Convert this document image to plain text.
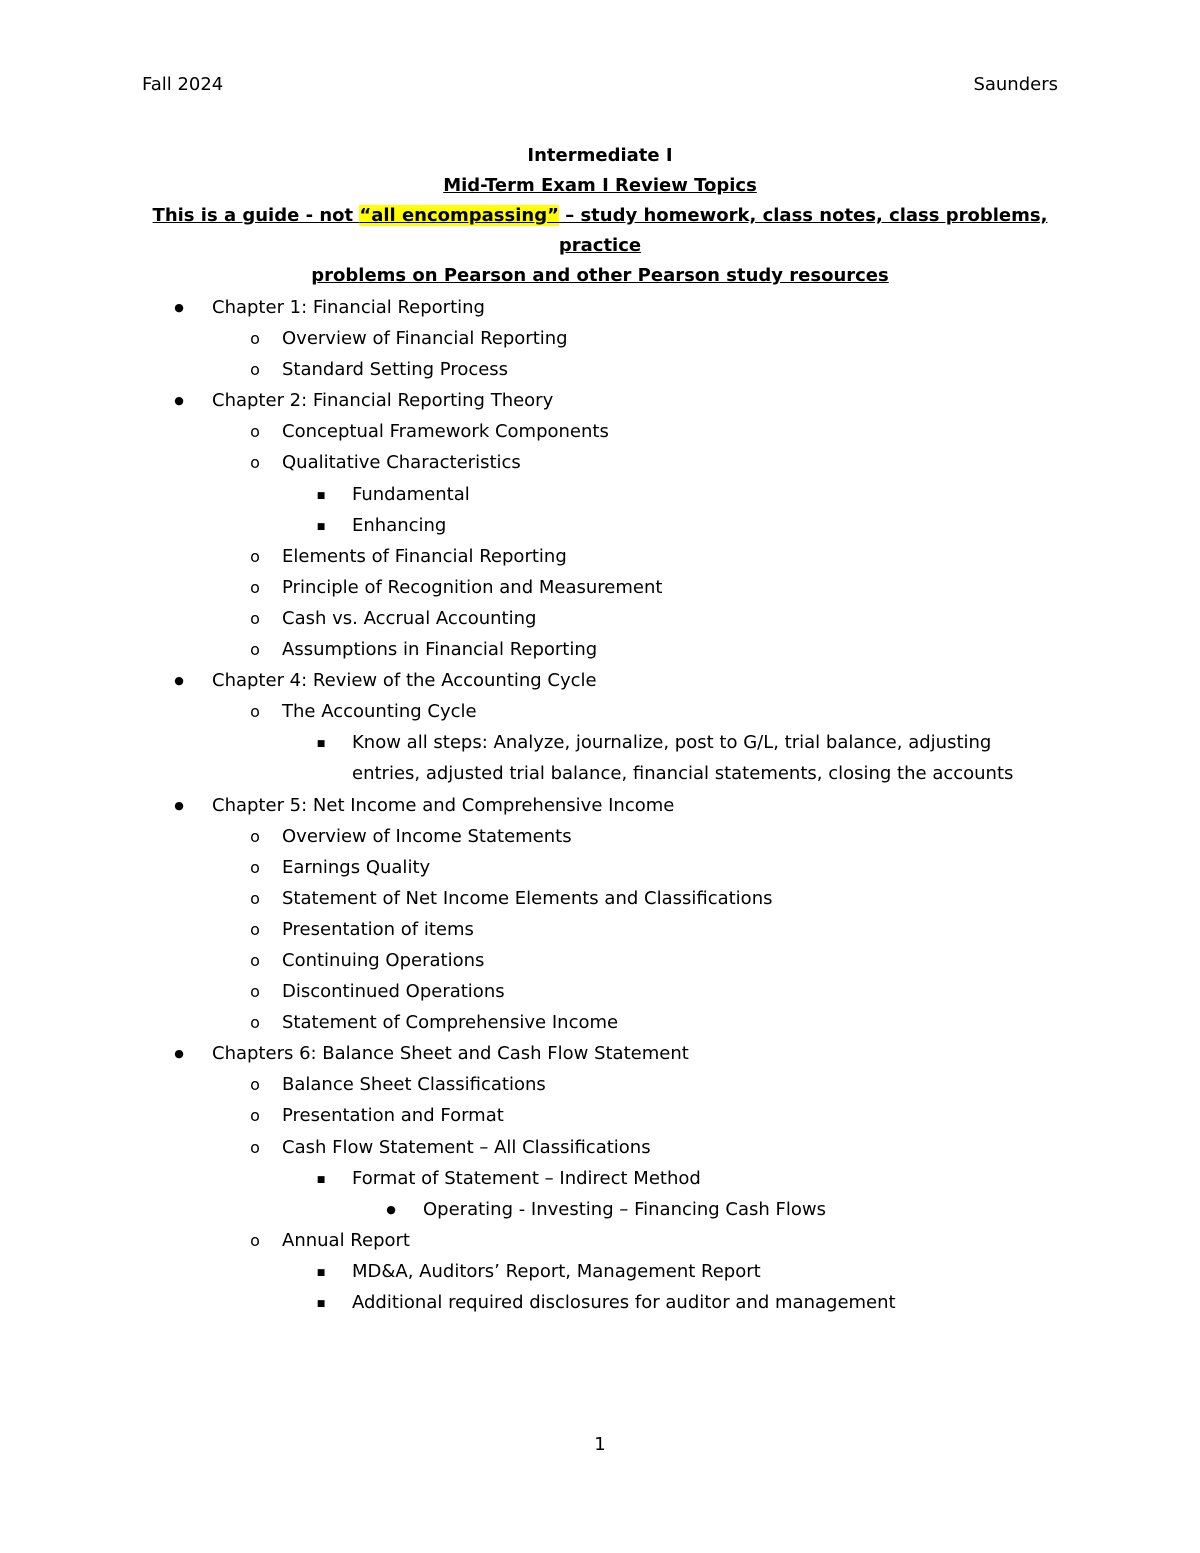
Fall 2024	Saunders
Intermediate I
Mid-Term Exam I Review Topics
This is a guide - not “all encompassing” – study homework, class notes, class problems, practice
problems on Pearson and other Pearson study resources
●
Chapter 1: Financial Reporting
o
Overview of Financial Reporting
o
Standard Setting Process
●
Chapter 2: Financial Reporting Theory
o
Conceptual Framework Components
o
Qualitative Characteristics
■
Fundamental
■
Enhancing
o
Elements of Financial Reporting
o
Principle of Recognition and Measurement
o
Cash vs. Accrual Accounting
o
Assumptions in Financial Reporting
●
Chapter 4: Review of the Accounting Cycle
o
The Accounting Cycle
■
Know all steps: Analyze, journalize, post to G/L, trial balance, adjusting entries, adjusted trial balance, financial statements, closing the accounts
●
Chapter 5: Net Income and Comprehensive Income
o
Overview of Income Statements
o
Earnings Quality
o
Statement of Net Income Elements and Classifications
o
Presentation of items
o
Continuing Operations
o
Discontinued Operations
o
Statement of Comprehensive Income
●
Chapters 6: Balance Sheet and Cash Flow Statement
o
Balance Sheet Classifications
o
Presentation and Format
o
Cash Flow Statement – All Classifications
■
Format of Statement – Indirect Method
●
Operating - Investing – Financing Cash Flows
o
Annual Report
■
MD&A, Auditors’ Report, Management Report
■
Additional required disclosures for auditor and management
1
